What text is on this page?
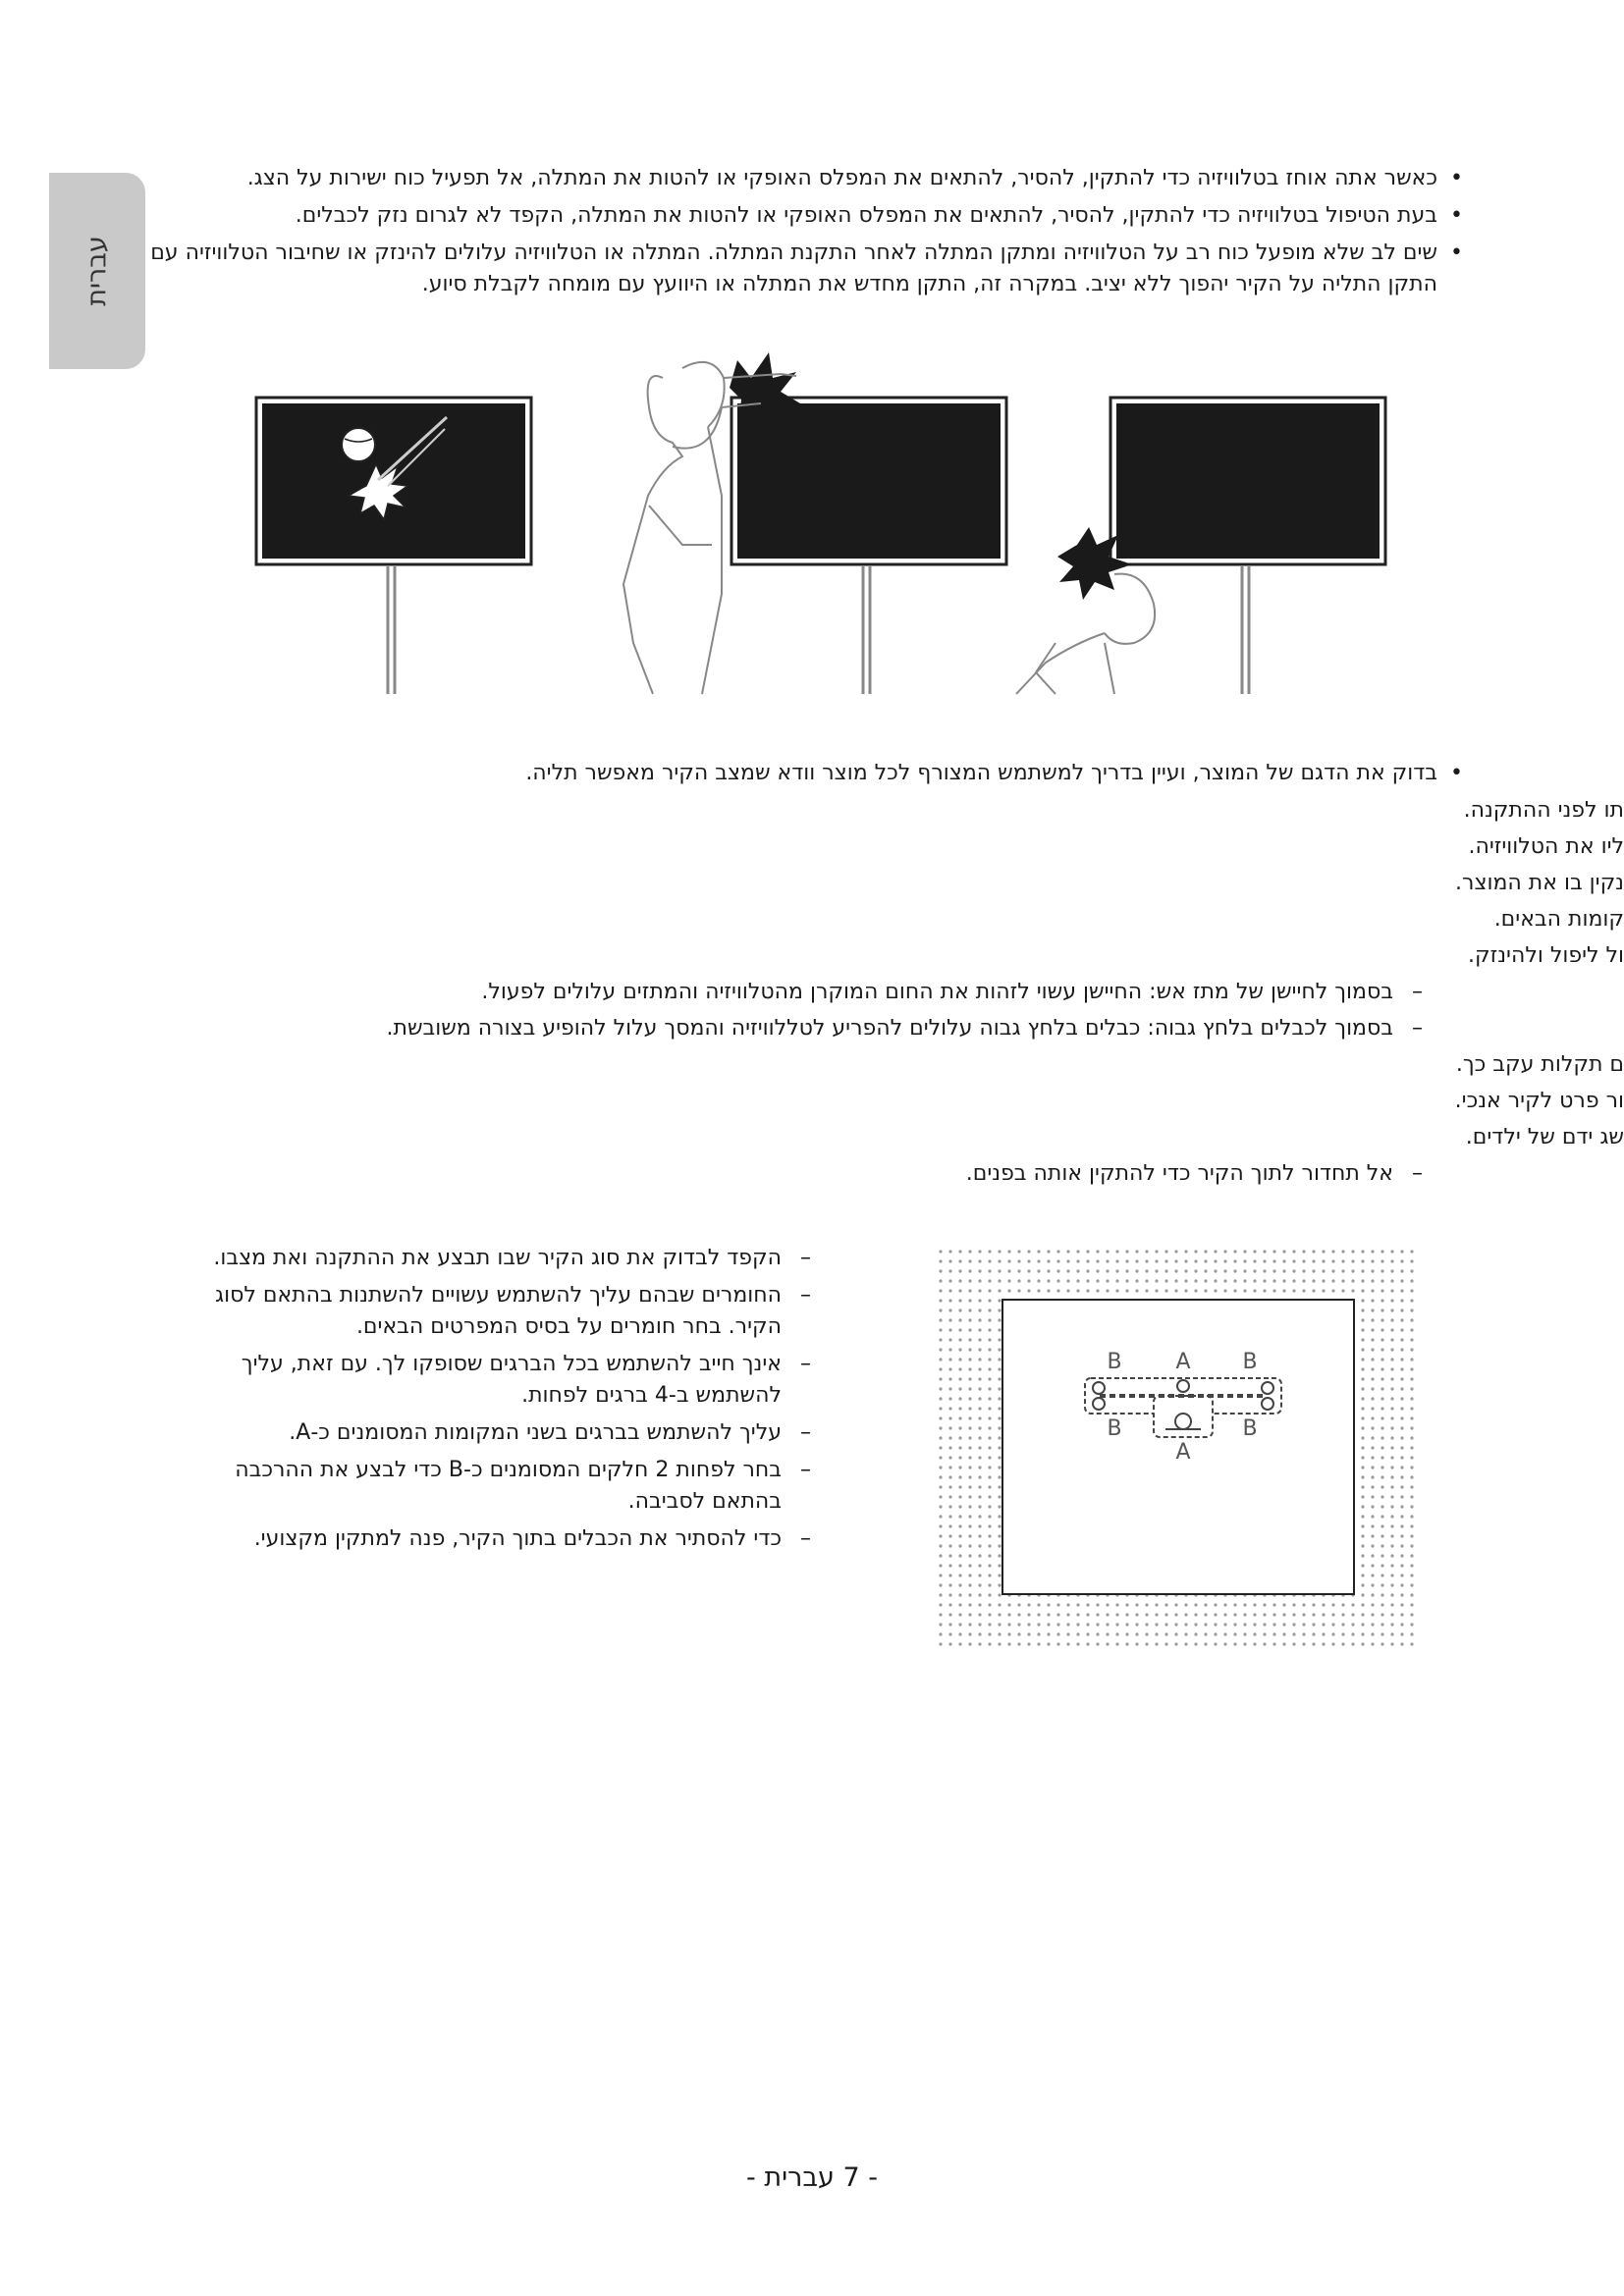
עברית
• כאשר אתה אוחז בטלוויזיה כדי להתקין, להסיר, להתאים את המפלס האופקי או להטות את המתלה, אל תפעיל כוח ישירות על הצג.
• בעת הטיפול בטלוויזיה כדי להתקין, להסיר, להתאים את המפלס האופקי או להטות את המתלה, הקפד לא לגרום נזק לכבלים.
• שים לב שלא מופעל כוח רב על הטלוויזיה ומתקן המתלה לאחר התקנת המתלה. המתלה או הטלוויזיה עלולים להינזק או שחיבור הטלוויזיה עם התקן התליה על הקיר יהפוך ללא יציב. במקרה זה, התקן מחדש את המתלה או היוועץ עם מומחה לקבלת סיוע.
• בדוק את הדגם של המוצר, ועיין בדריך למשתמש המצורף לכל מוצר וודא שמצב הקיר מאפשר תליה.
תו לפני ההתקנה.
ליו את הטלוויזיה.
נקין בו את המוצר.
קומות הבאים.
ול ליפול ולהינזק.
– בסמוך לחיישן של מתז אש: החיישן עשוי לזהות את החום המוקרן מהטלוויזיה והמתזים עלולים לפעול.
– בסמוך לכבלים בלחץ גבוה: כבלים בלחץ גבוה עלולים להפריע לטללוויזיה והמסך עלול להופיע בצורה משובשת.
ם תקלות עקב כך.
ור פרט לקיר אנכי.
שג ידם של ילדים.
– אל תחדור לתוך הקיר כדי להתקין אותה בפנים.
– הקפד לבדוק את סוג הקיר שבו תבצע את ההתקנה ואת מצבו.
– החומרים שבהם עליך להשתמש עשויים להשתנות בהתאם לסוג הקיר. בחר חומרים על בסיס המפרטים הבאים.
– אינך חייב להשתמש בכל הברגים שסופקו לך. עם זאת, עליך להשתמש ב-4 ברגים לפחות.
– עליך להשתמש בברגים בשני המקומות המסומנים כ-A.
– בחר לפחות 2 חלקים המסומנים כ-B כדי לבצע את ההרכבה בהתאם לסביבה.
– כדי להסתיר את הכבלים בתוך הקיר, פנה למתקין מקצועי.
B A B
B	B
A
- 7 עברית -
